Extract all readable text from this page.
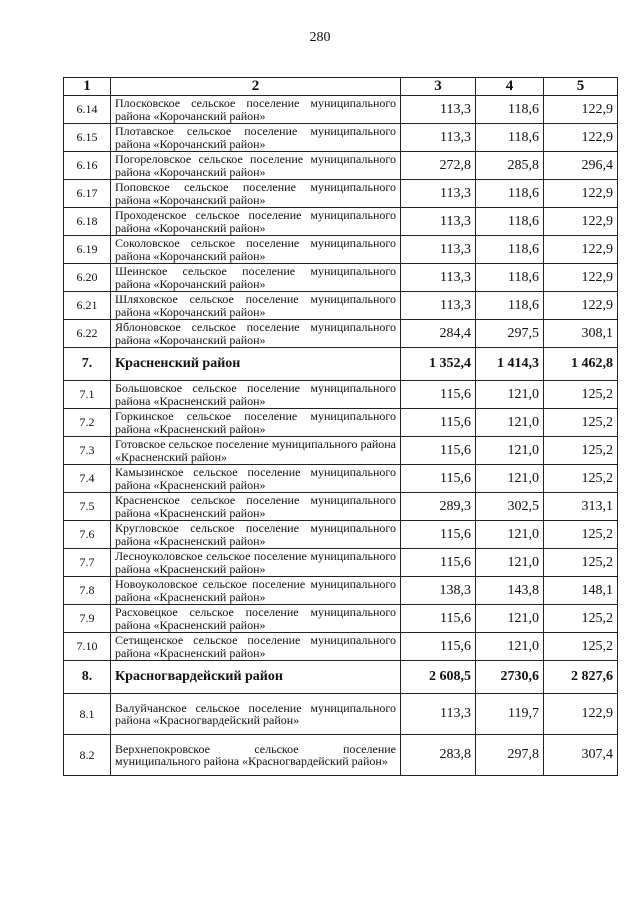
280
1	2	3	4	5
6.14	Плосковское сельское поселение муниципального района «Корочанский район»	113,3	118,6	122,9
6.15	Плотавское сельское поселение муниципального района «Корочанский район»	113,3	118,6	122,9
6.16	Погореловское сельское поселение муниципального района «Корочанский район»	272,8	285,8	296,4
6.17	Поповское сельское поселение муниципального района «Корочанский район»	113,3	118,6	122,9
6.18	Проходенское сельское поселение муниципального района «Корочанский район»	113,3	118,6	122,9
6.19	Соколовское сельское поселение муниципального района «Корочанский район»	113,3	118,6	122,9
6.20	Шеинское сельское поселение муниципального района «Корочанский район»	113,3	118,6	122,9
6.21	Шляховское сельское поселение муниципального района «Корочанский район»	113,3	118,6	122,9
6.22	Яблоновское сельское поселение муниципального района «Корочанский район»	284,4	297,5	308,1
7.	Красненский район	1 352,4	1 414,3	1 462,8
7.1	Большовское сельское поселение муниципального района «Красненский район»	115,6	121,0	125,2
7.2	Горкинское сельское поселение муниципального района «Красненский район»	115,6	121,0	125,2
7.3	Готовское сельское поселение муниципального района «Красненский район»	115,6	121,0	125,2
7.4	Камызинское сельское поселение муниципального района «Красненский район»	115,6	121,0	125,2
7.5	Красненское сельское поселение муниципального района «Красненский район»	289,3	302,5	313,1
7.6	Кругловское сельское поселение муниципального района «Красненский район»	115,6	121,0	125,2
7.7	Лесноуколовское сельское поселение муниципального района «Красненский район»	115,6	121,0	125,2
7.8	Новоуколовское сельское поселение муниципального района «Красненский район»	138,3	143,8	148,1
7.9	Расховецкое сельское поселение муниципального района «Красненский район»	115,6	121,0	125,2
7.10	Сетищенское сельское поселение муниципального района «Красненский район»	115,6	121,0	125,2
8.	Красногвардейский район	2 608,5	2730,6	2 827,6
8.1	Валуйчанское сельское поселение муниципального района «Красногвардейский район»	113,3	119,7	122,9
8.2	Верхнепокровское сельское поселение муниципального района «Красногвардейский район»	283,8	297,8	307,4
